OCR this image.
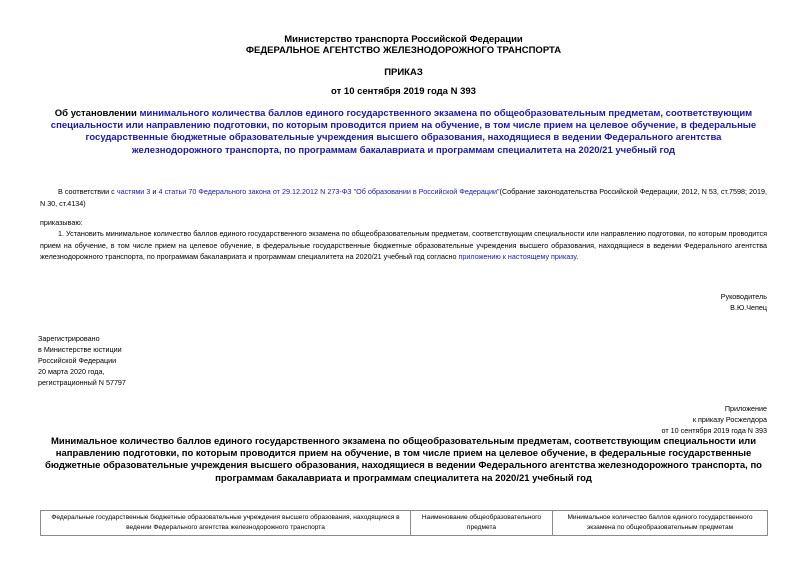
Министерство транспорта Российской Федерации
ФЕДЕРАЛЬНОЕ АГЕНТСТВО ЖЕЛЕЗНОДОРОЖНОГО ТРАНСПОРТА
ПРИКАЗ
от 10 сентября 2019 года N 393
Об установлении минимального количества баллов единого государственного экзамена по общеобразовательным предметам, соответствующим специальности или направлению подготовки, по которым проводится прием на обучение, в том числе прием на целевое обучение, в федеральные государственные бюджетные образовательные учреждения высшего образования, находящиеся в ведении Федерального агентства железнодорожного транспорта, по программам бакалавриата и программам специалитета на 2020/21 учебный год
В соответствии с частями 3 и 4 статьи 70 Федерального закона от 29.12.2012 N 273-ФЗ "Об образовании в Российской Федерации"(Собрание законодательства Российской Федерации, 2012, N 53, ст.7598; 2019, N 30, ст.4134)
приказываю:
1. Установить минимальное количество баллов единого государственного экзамена по общеобразовательным предметам, соответствующим специальности или направлению подготовки, по которым проводится прием на обучение, в том числе прием на целевое обучение, в федеральные государственные бюджетные образовательные учреждения высшего образования, находящиеся в ведении Федерального агентства железнодорожного транспорта, по программам бакалавриата и программам специалитета на 2020/21 учебный год согласно приложению к настоящему приказу.
Руководитель
В.Ю.Чепец
Зарегистрировано
в Министерстве юстиции
Российской Федерации
20 марта 2020 года,
регистрационный N 57797
Приложение
к приказу Росжелдора
от 10 сентября 2019 года N 393
Минимальное количество баллов единого государственного экзамена по общеобразовательным предметам, соответствующим специальности или направлению подготовки, по которым проводится прием на обучение, в том числе прием на целевое обучение, в федеральные государственные бюджетные образовательные учреждения высшего образования, находящиеся в ведении Федерального агентства железнодорожного транспорта, по программам бакалавриата и программам специалитета на 2020/21 учебный год
Федеральные государственные бюджетные образовательные учреждения высшего образования, находящиеся в ведении Федерального агентства железнодорожного транспорта	Наименование общеобразовательного предмета	Минимальное количество баллов единого государственного экзамена по общеобразовательным предметам
